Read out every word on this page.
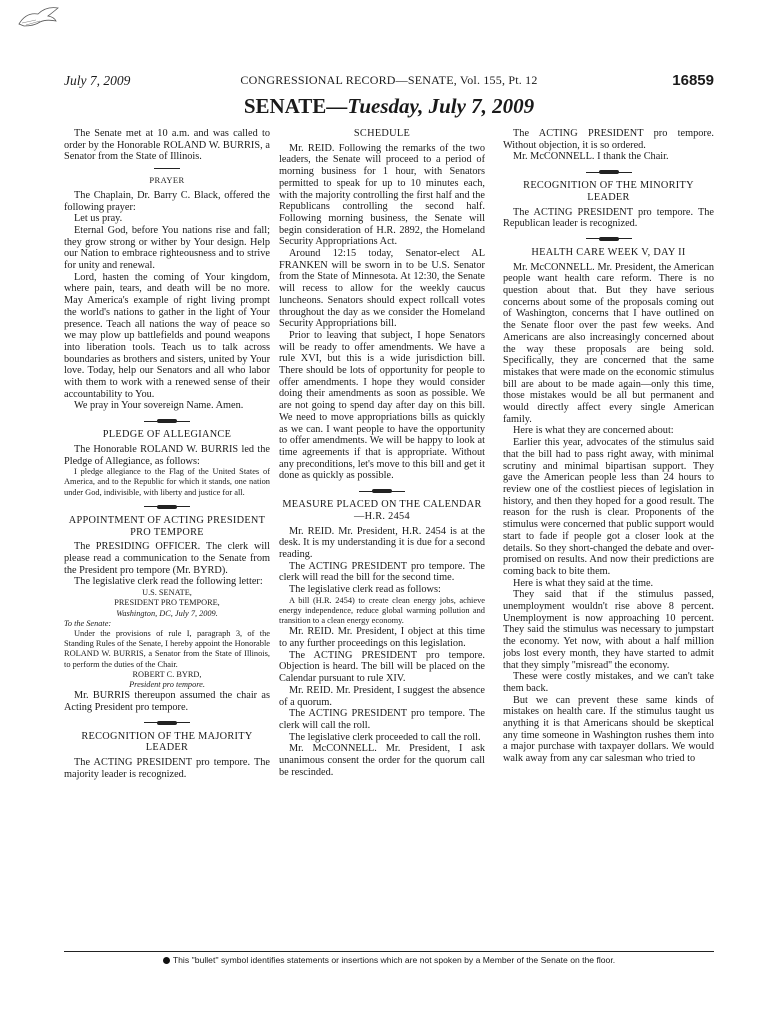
July 7, 2009	CONGRESSIONAL RECORD—SENATE, Vol. 155, Pt. 12	16859
SENATE—Tuesday, July 7, 2009

The Senate met at 10 a.m. and was called to order by the Honorable ROLAND W. BURRIS, a Senator from the State of Illinois.

PRAYER

The Chaplain, Dr. Barry C. Black, offered the following prayer:

Let us pray.

Eternal God, before You nations rise and fall; they grow strong or wither by Your design. Help our Nation to embrace righteousness and to strive for unity and renewal.

Lord, hasten the coming of Your kingdom, where pain, tears, and death will be no more. May America's example of right living prompt the world's nations to gather in the light of Your presence. Teach all nations the way of peace so we may plow up battlefields and pound weapons into liberation tools. Teach us to talk across boundaries as brothers and sisters, united by Your love. Today, help our Senators and all who labor with them to work with a renewed sense of their accountability to You.

We pray in Your sovereign Name. Amen.

PLEDGE OF ALLEGIANCE

The Honorable ROLAND W. BURRIS led the Pledge of Allegiance, as follows:

I pledge allegiance to the Flag of the United States of America, and to the Republic for which it stands, one nation under God, indivisible, with liberty and justice for all.

APPOINTMENT OF ACTING PRESIDENT PRO TEMPORE

The PRESIDING OFFICER. The clerk will please read a communication to the Senate from the President pro tempore (Mr. BYRD).

The legislative clerk read the following letter:

U.S. SENATE,

PRESIDENT PRO TEMPORE,

Washington, DC, July 7, 2009.

To the Senate:

Under the provisions of rule I, paragraph 3, of the Standing Rules of the Senate, I hereby appoint the Honorable ROLAND W. BURRIS, a Senator from the State of Illinois, to perform the duties of the Chair.

ROBERT C. BYRD,

President pro tempore.

Mr. BURRIS thereupon assumed the chair as Acting President pro tempore.

RECOGNITION OF THE MAJORITY LEADER

The ACTING PRESIDENT pro tempore. The majority leader is recognized.

SCHEDULE

Mr. REID. Following the remarks of the two leaders, the Senate will proceed to a period of morning business for 1 hour, with Senators permitted to speak for up to 10 minutes each, with the majority controlling the first half and the Republicans controlling the second half. Following morning business, the Senate will begin consideration of H.R. 2892, the Homeland Security Appropriations Act.

Around 12:15 today, Senator-elect AL FRANKEN will be sworn in to be U.S. Senator from the State of Minnesota. At 12:30, the Senate will recess to allow for the weekly caucus luncheons. Senators should expect rollcall votes throughout the day as we consider the Homeland Security Appropriations bill.

Prior to leaving that subject, I hope Senators will be ready to offer amendments. We have a rule XVI, but this is a wide jurisdiction bill. There should be lots of opportunity for people to offer amendments. I hope they would consider doing their amendments as soon as possible. We are not going to spend day after day on this bill. We need to move appropriations bills as quickly as we can. I want people to have the opportunity to offer amendments. We will be happy to look at time agreements if that is appropriate. Without any preconditions, let's move to this bill and get it done as quickly as possible.

MEASURE PLACED ON THE CALENDAR—H.R. 2454

Mr. REID. Mr. President, H.R. 2454 is at the desk. It is my understanding it is due for a second reading.

The ACTING PRESIDENT pro tempore. The clerk will read the bill for the second time.

The legislative clerk read as follows:

A bill (H.R. 2454) to create clean energy jobs, achieve energy independence, reduce global warming pollution and transition to a clean energy economy.

Mr. REID. Mr. President, I object at this time to any further proceedings on this legislation.

The ACTING PRESIDENT pro tempore. Objection is heard. The bill will be placed on the Calendar pursuant to rule XIV.

Mr. REID. Mr. President, I suggest the absence of a quorum.

The ACTING PRESIDENT pro tempore. The clerk will call the roll.

The legislative clerk proceeded to call the roll.

Mr. McCONNELL. Mr. President, I ask unanimous consent the order for the quorum call be rescinded.

The ACTING PRESIDENT pro tempore. Without objection, it is so ordered.

Mr. McCONNELL. I thank the Chair.

RECOGNITION OF THE MINORITY LEADER

The ACTING PRESIDENT pro tempore. The Republican leader is recognized.

HEALTH CARE WEEK V, DAY II

Mr. McCONNELL. Mr. President, the American people want health care reform. There is no question about that. But they have serious concerns about some of the proposals coming out of Washington, concerns that I have outlined on the Senate floor over the past few weeks. And Americans are also increasingly concerned about the way these proposals are being sold. Specifically, they are concerned that the same mistakes that were made on the economic stimulus bill are about to be made again—only this time, those mistakes would be all but permanent and would directly affect every single American family.

Here is what they are concerned about:

Earlier this year, advocates of the stimulus said that the bill had to pass right away, with minimal scrutiny and minimal bipartisan support. They gave the American people less than 24 hours to review one of the costliest pieces of legislation in history, and then they hoped for a good result. The reason for the rush is clear. Proponents of the stimulus were concerned that public support would start to fade if people got a closer look at the details. So they short-changed the debate and over-promised on results. And now their predictions are coming back to bite them.

Here is what they said at the time.

They said that if the stimulus passed, unemployment wouldn't rise above 8 percent. Unemployment is now approaching 10 percent. They said the stimulus was necessary to jumpstart the economy. Yet now, with about a half million jobs lost every month, they have started to admit that they simply ''misread'' the economy.

These were costly mistakes, and we can't take them back.

But we can prevent these same kinds of mistakes on health care. If the stimulus taught us anything it is that Americans should be skeptical any time someone in Washington rushes them into a major purchase with taxpayer dollars. We would walk away from any car salesman who tried to

This ''bullet'' symbol identifies statements or insertions which are not spoken by a Member of the Senate on the floor.
